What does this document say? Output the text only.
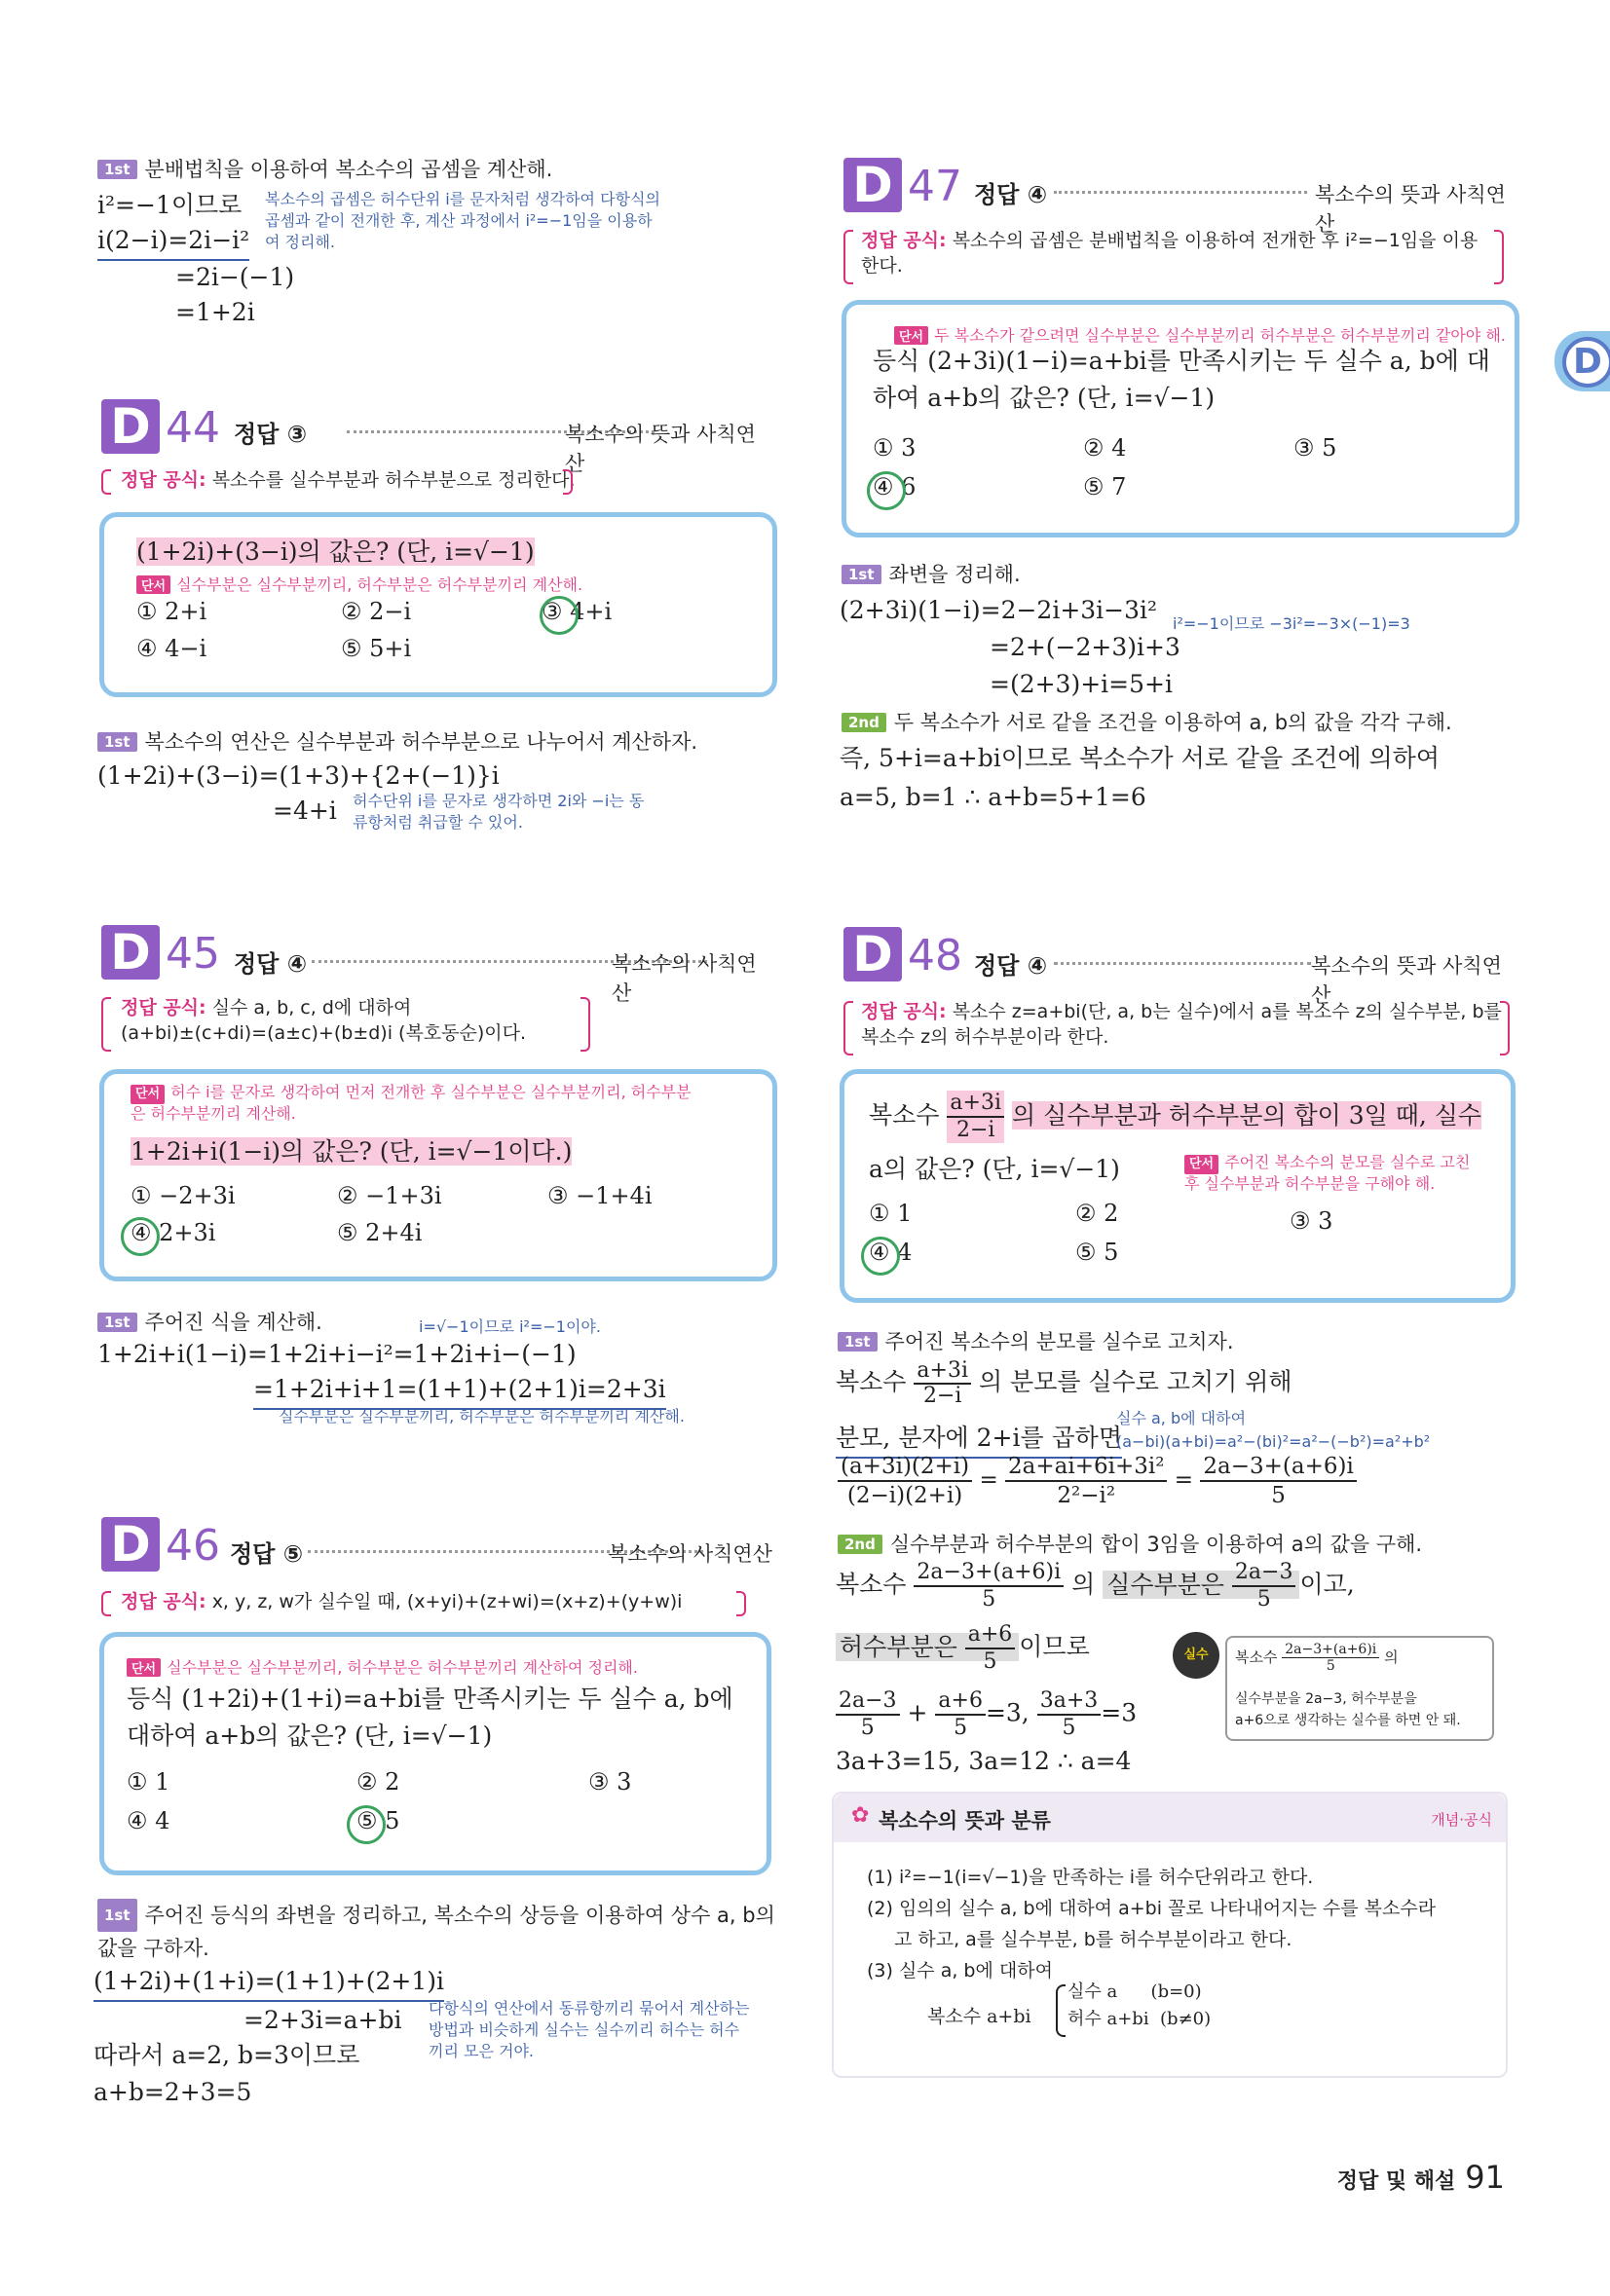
D
1st 분배법칙을 이용하여 복소수의 곱셈을 계산해.
i²=−1이므로
i(2−i)=2i−i²
=2i−(−1)
=1+2i
복소수의 곱셈은 허수단위 i를 문자처럼 생각하여 다항식의 곱셈과 같이 전개한 후, 계산 과정에서 i²=−1임을 이용하여 정리해.
D 44 정답 ③	복소수의 뜻과 사칙연산
정답 공식: 복소수를 실수부분과 허수부분으로 정리한다.
(1+2i)+(3−i)의 값은? (단, i=√−1)
단서 실수부분은 실수부분끼리, 허수부분은 허수부분끼리 계산해.
① 2+i	② 2−i	③ 4+i
④ 4−i	⑤ 5+i
1st 복소수의 연산은 실수부분과 허수부분으로 나누어서 계산하자.
(1+2i)+(3−i)=(1+3)+{2+(−1)}i
=4+i 허수단위 i를 문자로 생각하면 2i와 −i는 동류항처럼 취급할 수 있어.
D 45 정답 ④	복소수의 사칙연산
정답 공식: 실수 a, b, c, d에 대하여
(a+bi)±(c+di)=(a±c)+(b±d)i (복호동순)이다.
단서 허수 i를 문자로 생각하여 먼저 전개한 후 실수부분은 실수부분끼리, 허수부분은 허수부분끼리 계산해.
1+2i+i(1−i)의 값은? (단, i=√−1이다.)
① −2+3i	② −1+3i	③ −1+4i
④ 2+3i	⑤ 2+4i
1st 주어진 식을 계산해.	i=√−1이므로 i²=−1이야.
1+2i+i(1−i)=1+2i+i−i²=1+2i+i−(−1)
=1+2i+i+1=(1+1)+(2+1)i=2+3i
실수부분은 실수부분끼리, 허수부분은 허수부분끼리 계산해.
D 46 정답 ⑤	복소수의 사칙연산
정답 공식: x, y, z, w가 실수일 때, (x+yi)+(z+wi)=(x+z)+(y+w)i
단서 실수부분은 실수부분끼리, 허수부분은 허수부분끼리 계산하여 정리해.
등식 (1+2i)+(1+i)=a+bi를 만족시키는 두 실수 a, b에
대하여 a+b의 값은? (단, i=√−1)
① 1	② 2	③ 3
④ 4	⑤ 5
1st 주어진 등식의 좌변을 정리하고, 복소수의 상등을 이용하여 상수 a, b의 값을 구하자.
(1+2i)+(1+i)=(1+1)+(2+1)i
=2+3i=a+bi
따라서 a=2, b=3이므로
a+b=2+3=5
다항식의 연산에서 동류항끼리 묶어서 계산하는 방법과 비슷하게 실수는 실수끼리 허수는 허수끼리 모은 거야.
D 47 정답 ④	복소수의 뜻과 사칙연산
정답 공식: 복소수의 곱셈은 분배법칙을 이용하여 전개한 후 i²=−1임을 이용한다.
단서 두 복소수가 같으려면 실수부분은 실수부분끼리 허수부분은 허수부분끼리 같아야 해.
등식 (2+3i)(1−i)=a+bi를 만족시키는 두 실수 a, b에 대
하여 a+b의 값은? (단, i=√−1)
① 3	② 4	③ 5
④ 6	⑤ 7
1st 좌변을 정리해.
(2+3i)(1−i)=2−2i+3i−3i² i²=−1이므로 −3i²=−3×(−1)=3
=2+(−2+3)i+3
=(2+3)+i=5+i
2nd 두 복소수가 서로 같을 조건을 이용하여 a, b의 값을 각각 구해.
즉, 5+i=a+bi이므로 복소수가 서로 같을 조건에 의하여
a=5, b=1 ∴ a+b=5+1=6
D 48 정답 ④	복소수의 뜻과 사칙연산
정답 공식: 복소수 z=a+bi(단, a, b는 실수)에서 a를 복소수 z의 실수부분, b를 복소수 z의 허수부분이라 한다.
복소수 $\frac{a+3i}{2-i}$ 의 실수부분과 허수부분의 합이 3일 때, 실수
a의 값은? (단, i=√−1)	단서 주어진 복소수의 분모를 실수로 고친 후 실수부분과 허수부분을 구해야 해.
① 1	② 2	③ 3
④ 4	⑤ 5
1st 주어진 복소수의 분모를 실수로 고치자.
복소수 $\frac{a+3i}{2-i}$ 의 분모를 실수로 고치기 위해
분모, 분자에 2+i를 곱하면
실수 a, b에 대하여
(a−bi)(a+bi)=a²−(bi)²=a²−(−b²)=a²+b²
$\frac{(a+3i)(2+i)}{(2-i)(2+i)} = \frac{\text{2a+ai+6i+3i²}}{\text{2²−i²}} = \frac{2a-3+(a+6)i}{5}$
2nd 실수부분과 허수부분의 합이 3임을 이용하여 a의 값을 구해.
복소수 $\frac{2a-3+(a+6)i}{5}$ 의 실수부분은 $\frac{2a-3}{5}$ 이고,
허수부분은 $\frac{a+6}{5}$ 이므로
$\frac{2a-3}{5} + \frac{a+6}{5} =3$, $\frac{3a+3}{5} =3$
3a+3=15, 3a=12 ∴ a=4
실수	복소수 $\frac{2a-3+(a+6)i}{5}$ 의
실수부분을 2a−3, 허수부분을
a+6으로 생각하는 실수를 하면 안 돼.
✿ 복소수의 뜻과 분류	개념·공식
(1) i²=−1(i=√−1)을 만족하는 i를 허수단위라고 한다.
(2) 임의의 실수 a, b에 대하여 a+bi 꼴로 나타내어지는 수를 복소수라
고 하고, a를 실수부분, b를 허수부분이라고 한다.
(3) 실수 a, b에 대하여
복소수 a+bi
실수 a      (b=0)
허수 a+bi  (b≠0)
정답 및 해설 91
